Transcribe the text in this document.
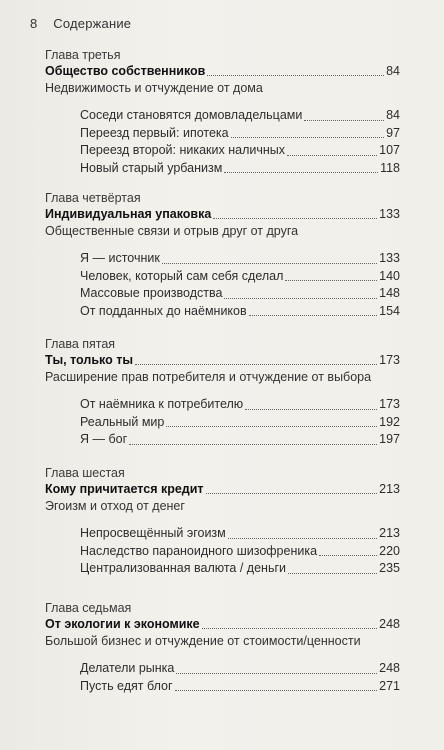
8 Содержание
Глава третья
Общество собственников	84
Недвижимость и отчуждение от дома
Соседи становятся домовладельцами	84
Переезд первый: ипотека	97
Переезд второй: никаких наличных	107
Новый старый урбанизм	118
Глава четвёртая
Индивидуальная упаковка	133
Общественные связи и отрыв друг от друга
Я — источник	133
Человек, который сам себя сделал	140
Массовые производства	148
От подданных до наёмников	154
Глава пятая
Ты, только ты	173
Расширение прав потребителя и отчуждение от выбора
От наёмника к потребителю	173
Реальный мир	192
Я — бог	197
Глава шестая
Кому причитается кредит	213
Эгоизм и отход от денег
Непросвещённый эгоизм	213
Наследство параноидного шизофреника	220
Централизованная валюта / деньги	235
Глава седьмая
От экологии к экономике	248
Большой бизнес и отчуждение от стоимости/ценности
Делатели рынка	248
Пусть едят блог	271
